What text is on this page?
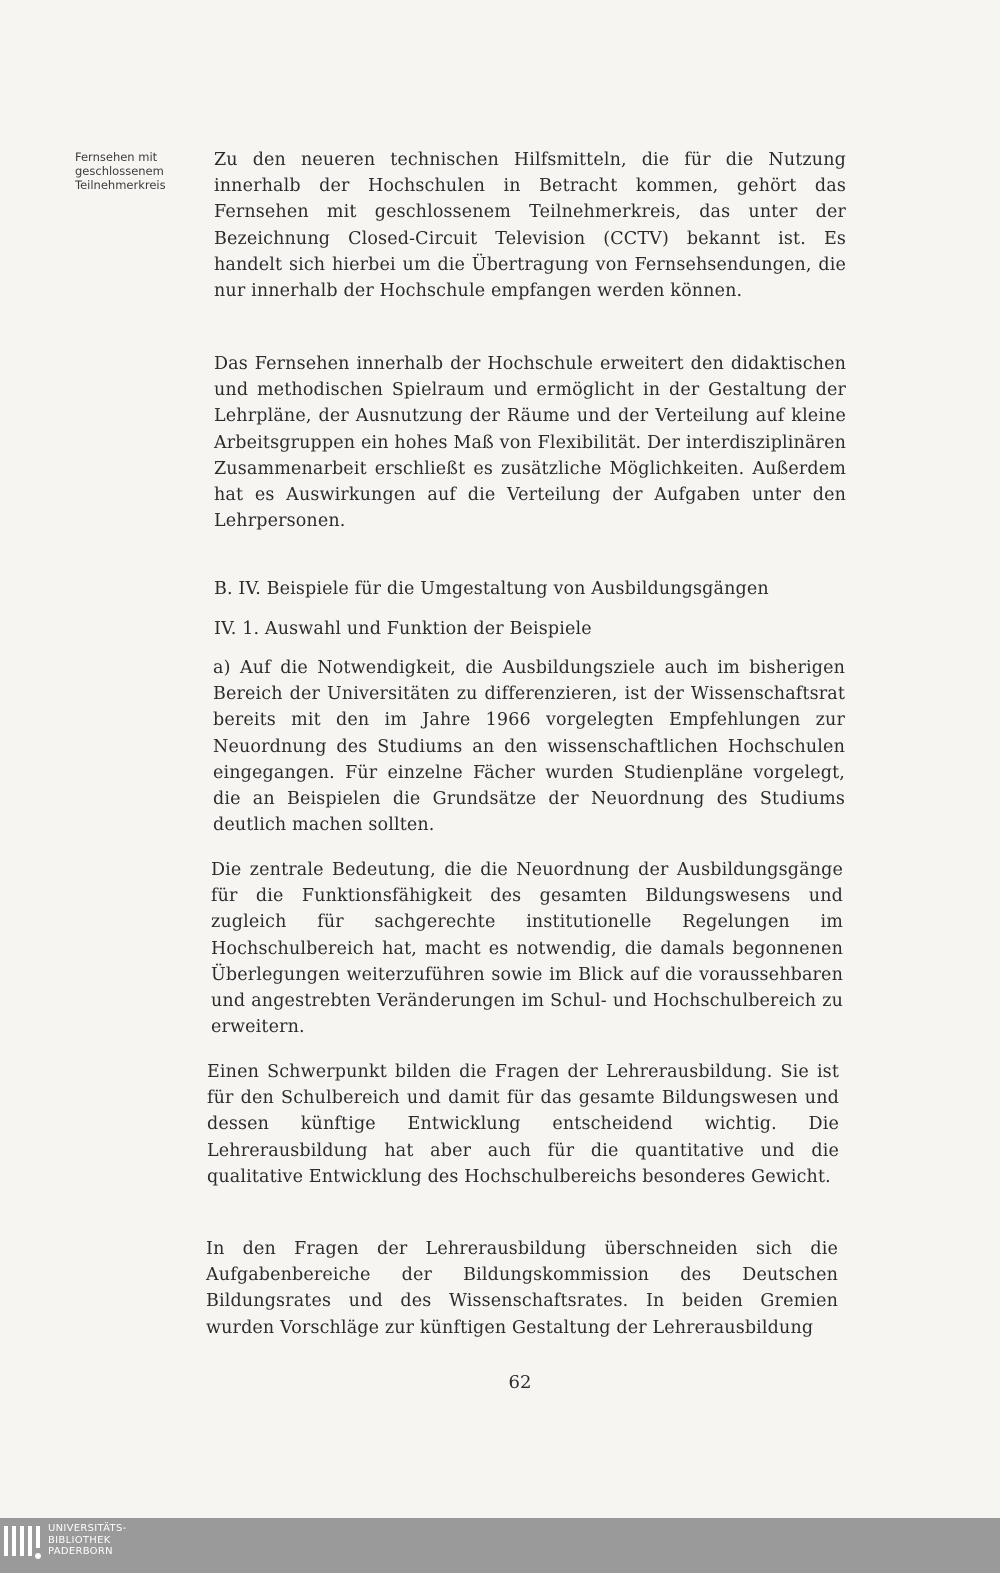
Fernsehen mit
geschlossenem
Teilnehmerkreis

Zu den neueren technischen Hilfsmitteln, die für die Nutzung innerhalb der Hochschulen in Betracht kommen, gehört das Fernsehen mit geschlossenem Teilnehmerkreis, das unter der Bezeichnung Closed-Circuit Television (CCTV) bekannt ist. Es handelt sich hierbei um die Übertragung von Fernsehsendungen, die nur innerhalb der Hochschule empfangen werden können.

Das Fernsehen innerhalb der Hochschule erweitert den didaktischen und methodischen Spielraum und ermöglicht in der Gestaltung der Lehrpläne, der Ausnutzung der Räume und der Verteilung auf kleine Arbeitsgruppen ein hohes Maß von Flexibilität. Der interdisziplinären Zusammenarbeit erschließt es zusätzliche Möglichkeiten. Außerdem hat es Auswirkungen auf die Verteilung der Aufgaben unter den Lehrpersonen.

B. IV. Beispiele für die Umgestaltung von Ausbildungsgängen
IV. 1. Auswahl und Funktion der Beispiele

a) Auf die Notwendigkeit, die Ausbildungsziele auch im bisherigen Bereich der Universitäten zu differenzieren, ist der Wissenschaftsrat bereits mit den im Jahre 1966 vorgelegten Empfehlungen zur Neuordnung des Studiums an den wissenschaftlichen Hochschulen eingegangen. Für einzelne Fächer wurden Studienpläne vorgelegt, die an Beispielen die Grundsätze der Neuordnung des Studiums deutlich machen sollten.

Die zentrale Bedeutung, die die Neuordnung der Ausbildungsgänge für die Funktionsfähigkeit des gesamten Bildungswesens und zugleich für sachgerechte institutionelle Regelungen im Hochschulbereich hat, macht es notwendig, die damals begonnenen Überlegungen weiterzuführen sowie im Blick auf die voraussehbaren und angestrebten Veränderungen im Schul- und Hochschulbereich zu erweitern.

Einen Schwerpunkt bilden die Fragen der Lehrerausbildung. Sie ist für den Schulbereich und damit für das gesamte Bildungswesen und dessen künftige Entwicklung entscheidend wichtig. Die Lehrerausbildung hat aber auch für die quantitative und die qualitative Entwicklung des Hochschulbereichs besonderes Gewicht.

In den Fragen der Lehrerausbildung überschneiden sich die Aufgabenbereiche der Bildungskommission des Deutschen Bildungsrates und des Wissenschaftsrates. In beiden Gremien wurden Vorschläge zur künftigen Gestaltung der Lehrerausbildung

62
UNIVERSITÄTS-
BIBLIOTHEK
PADERBORN
